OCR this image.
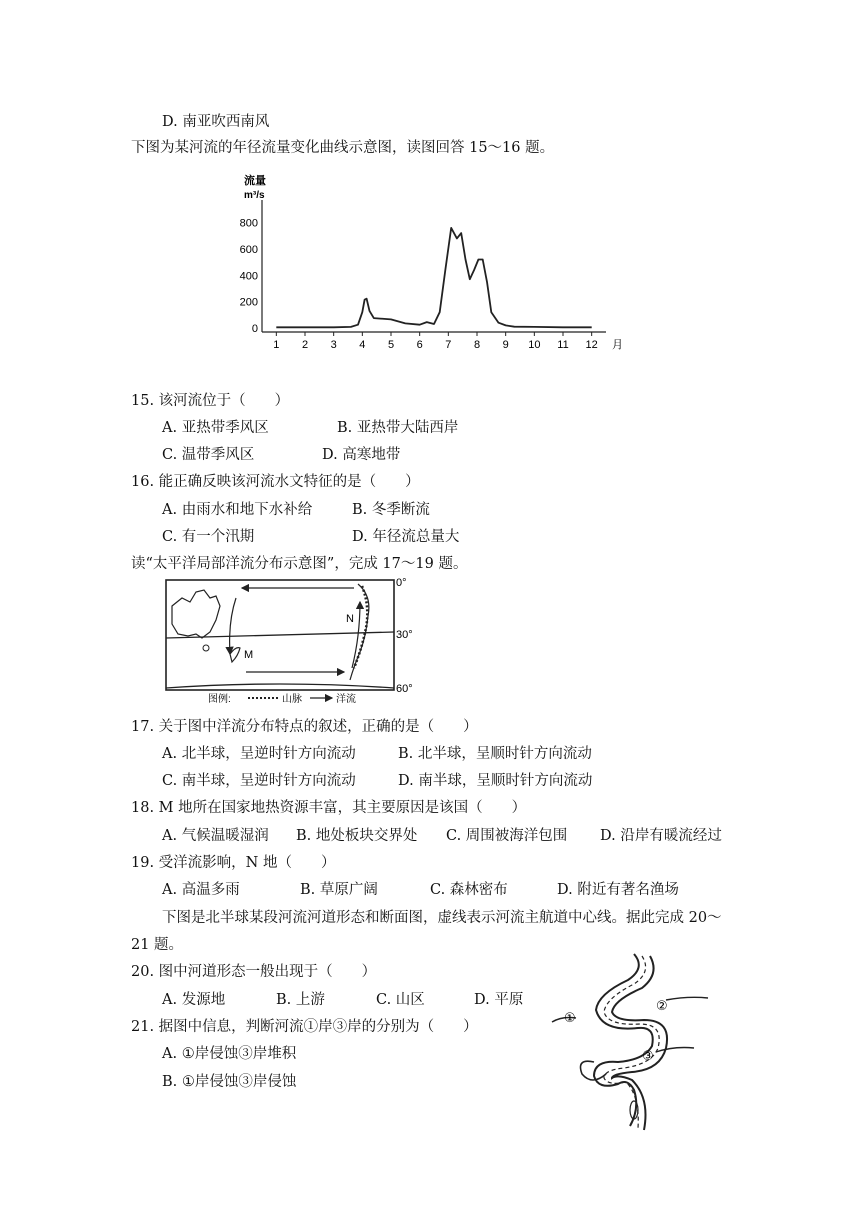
D. 南亚吹西南风
下图为某河流的年径流量变化曲线示意图，读图回答 15～16 题。
流量
m³/s
0
200
400
600
800
1 2 3 4 5 6 7 8 9 10 11 12 月
15. 该河流位于（　　）
A. 亚热带季风区	B. 亚热带大陆西岸
C. 温带季风区	D. 高寒地带
16. 能正确反映该河流水文特征的是（　　）
A. 由雨水和地下水补给	B. 冬季断流
C. 有一个汛期	D. 年径流总量大
读“太平洋局部洋流分布示意图”，完成 17～19 题。
N
M
0°
30°
60°
图例:	山脉	洋流
17. 关于图中洋流分布特点的叙述，正确的是（　　）
A. 北半球，呈逆时针方向流动	B. 北半球，呈顺时针方向流动
C. 南半球，呈逆时针方向流动	D. 南半球，呈顺时针方向流动
18. M 地所在国家地热资源丰富，其主要原因是该国（　　）
A. 气候温暖湿润 B. 地处板块交界处 C. 周围被海洋包围 D. 沿岸有暖流经过
19. 受洋流影响，N 地（　　）
A. 高温多雨	B. 草原广阔	C. 森林密布	D. 附近有著名渔场
下图是北半球某段河流河道形态和断面图，虚线表示河流主航道中心线。据此完成 20～
21 题。
20. 图中河道形态一般出现于（　　）
A. 发源地	B. 上游	C. 山区	D. 平原
21. 据图中信息，判断河流①岸③岸的分别为（　　）
A. ①岸侵蚀③岸堆积
B. ①岸侵蚀③岸侵蚀
①
②
③
